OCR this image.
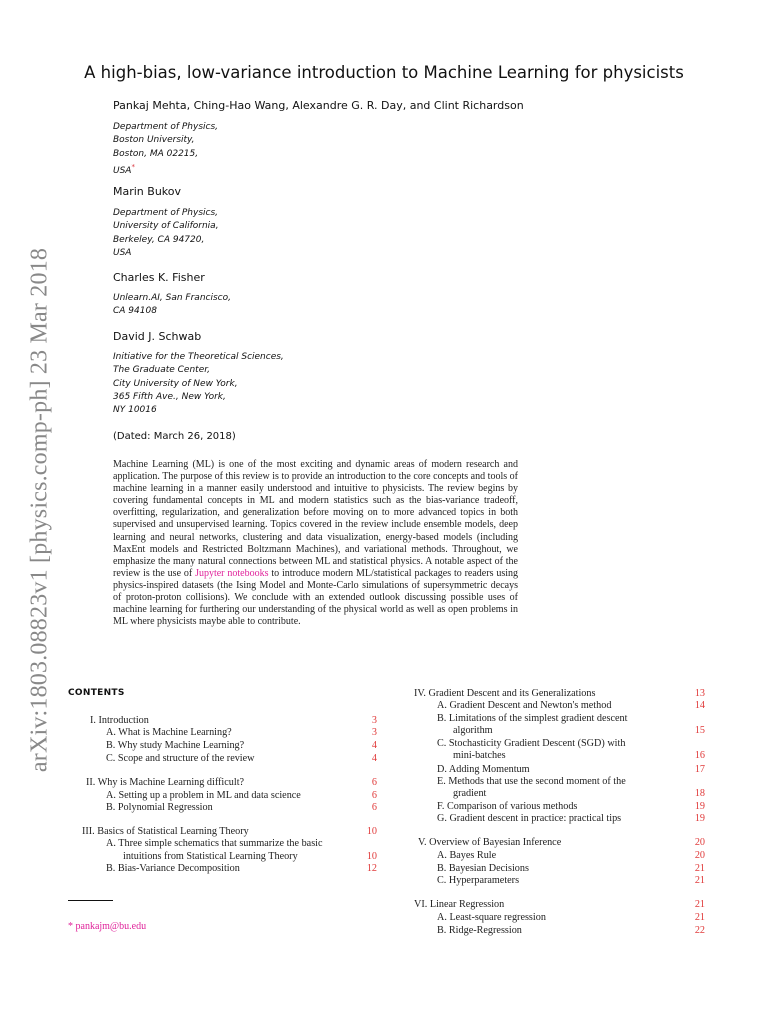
arXiv:1803.08823v1 [physics.comp-ph] 23 Mar 2018
A high-bias, low-variance introduction to Machine Learning for physicists
Pankaj Mehta, Ching-Hao Wang, Alexandre G. R. Day, and Clint Richardson
Department of Physics,
Boston University,
Boston, MA 02215,
USA*
Marin Bukov
Department of Physics,
University of California,
Berkeley, CA 94720,
USA
Charles K. Fisher
Unlearn.AI, San Francisco,
CA 94108
David J. Schwab
Initiative for the Theoretical Sciences,
The Graduate Center,
City University of New York,
365 Fifth Ave., New York,
NY 10016
(Dated: March 26, 2018)
Machine Learning (ML) is one of the most exciting and dynamic areas of modern research and application. The purpose of this review is to provide an introduction to the core concepts and tools of machine learning in a manner easily understood and intuitive to physicists. The review begins by covering fundamental concepts in ML and modern statistics such as the bias-variance tradeoff, overfitting, regularization, and generalization before moving on to more advanced topics in both supervised and unsupervised learning. Topics covered in the review include ensemble models, deep learning and neural networks, clustering and data visualization, energy-based models (including MaxEnt models and Restricted Boltzmann Machines), and variational methods. Throughout, we emphasize the many natural connections between ML and statistical physics. A notable aspect of the review is the use of Jupyter notebooks to introduce modern ML/statistical packages to readers using physics-inspired datasets (the Ising Model and Monte-Carlo simulations of supersymmetric decays of proton-proton collisions). We conclude with an extended outlook discussing possible uses of machine learning for furthering our understanding of the physical world as well as open problems in ML where physicists maybe able to contribute.
CONTENTS
I. Introduction	3
A. What is Machine Learning?	3
B. Why study Machine Learning?	4
C. Scope and structure of the review	4
II. Why is Machine Learning difficult?	6
A. Setting up a problem in ML and data science	6
B. Polynomial Regression	6
III. Basics of Statistical Learning Theory	10
A. Three simple schematics that summarize the basic
intuitions from Statistical Learning Theory	10
B. Bias-Variance Decomposition	12
IV. Gradient Descent and its Generalizations	13
A. Gradient Descent and Newton's method	14
B. Limitations of the simplest gradient descent
algorithm	15
C. Stochasticity Gradient Descent (SGD) with
mini-batches	16
D. Adding Momentum	17
E. Methods that use the second moment of the
gradient	18
F. Comparison of various methods	19
G. Gradient descent in practice: practical tips	19
V. Overview of Bayesian Inference	20
A. Bayes Rule	20
B. Bayesian Decisions	21
C. Hyperparameters	21
VI. Linear Regression	21
A. Least-square regression	21
B. Ridge-Regression	22
* pankajm@bu.edu
